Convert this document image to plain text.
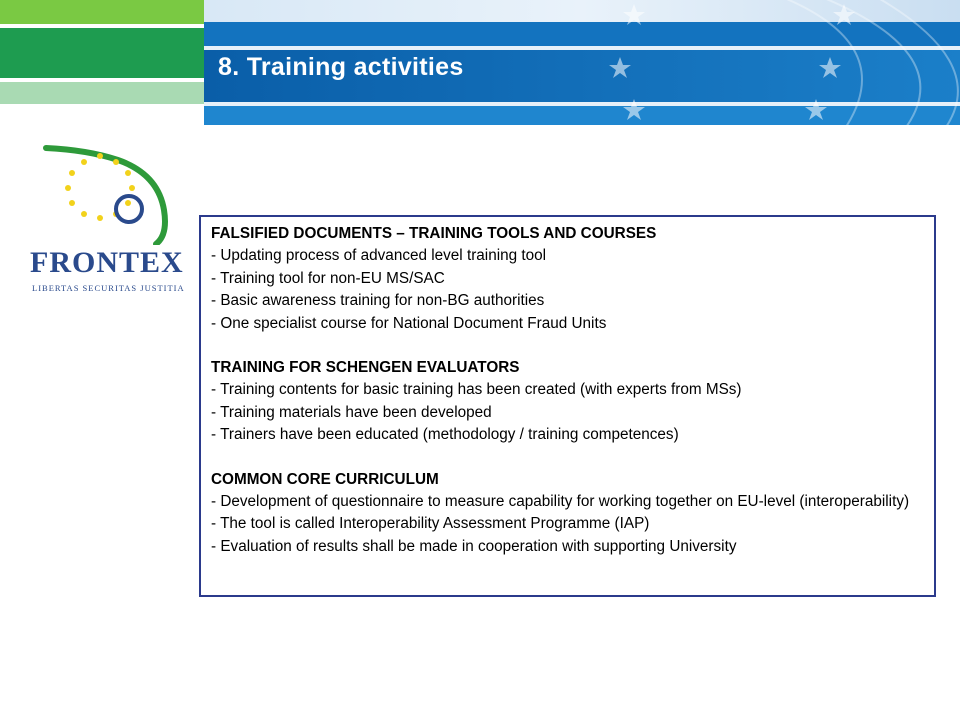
8. Training activities
FRONTEX
LIBERTAS SECURITAS JUSTITIA

FALSIFIED DOCUMENTS – TRAINING TOOLS AND COURSES

- Updating process of advanced level training tool

- Training tool for non-EU MS/SAC

- Basic awareness training for non-BG authorities

- One specialist course for National Document Fraud Units

TRAINING FOR SCHENGEN EVALUATORS

- Training contents for basic training has been created (with experts from MSs)

- Training materials have been developed

- Trainers have been educated (methodology / training competences)

COMMON CORE CURRICULUM

- Development of questionnaire to measure capability for working together on EU-level (interoperability)

- The tool is called Interoperability Assessment Programme (IAP)

- Evaluation of results shall be made in cooperation with supporting University
